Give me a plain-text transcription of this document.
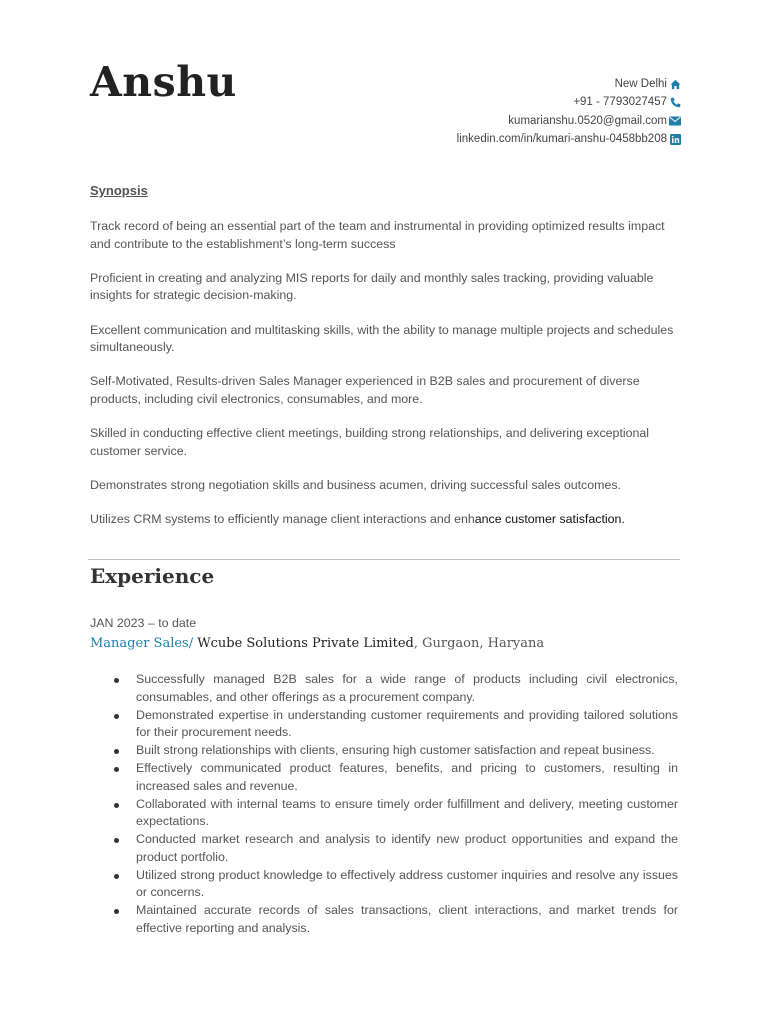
Anshu	New Delhi
+91 - 7793027457
kumarianshu.0520@gmail.com
linkedin.com/in/kumari-anshu-0458bb208
Synopsis

Track record of being an essential part of the team and instrumental in providing optimized results impact and contribute to the establishment’s long-term success

Proficient in creating and analyzing MIS reports for daily and monthly sales tracking, providing valuable insights for strategic decision-making.

Excellent communication and multitasking skills, with the ability to manage multiple projects and schedules simultaneously.

Self-Motivated, Results-driven Sales Manager experienced in B2B sales and procurement of diverse products, including civil electronics, consumables, and more.

Skilled in conducting effective client meetings, building strong relationships, and delivering exceptional customer service.

Demonstrates strong negotiation skills and business acumen, driving successful sales outcomes.

Utilizes CRM systems to efficiently manage client interactions and enhance customer satisfaction.

Experience
JAN 2023 – to date
Manager Sales/ Wcube Solutions Private Limited, Gurgaon, Haryana
Successfully managed B2B sales for a wide range of products including civil electronics, consumables, and other offerings as a procurement company.
Demonstrated expertise in understanding customer requirements and providing tailored solutions for their procurement needs.
Built strong relationships with clients, ensuring high customer satisfaction and repeat business.
Effectively communicated product features, benefits, and pricing to customers, resulting in increased sales and revenue.
Collaborated with internal teams to ensure timely order fulfillment and delivery, meeting customer expectations.
Conducted market research and analysis to identify new product opportunities and expand the product portfolio.
Utilized strong product knowledge to effectively address customer inquiries and resolve any issues or concerns.
Maintained accurate records of sales transactions, client interactions, and market trends for effective reporting and analysis.
